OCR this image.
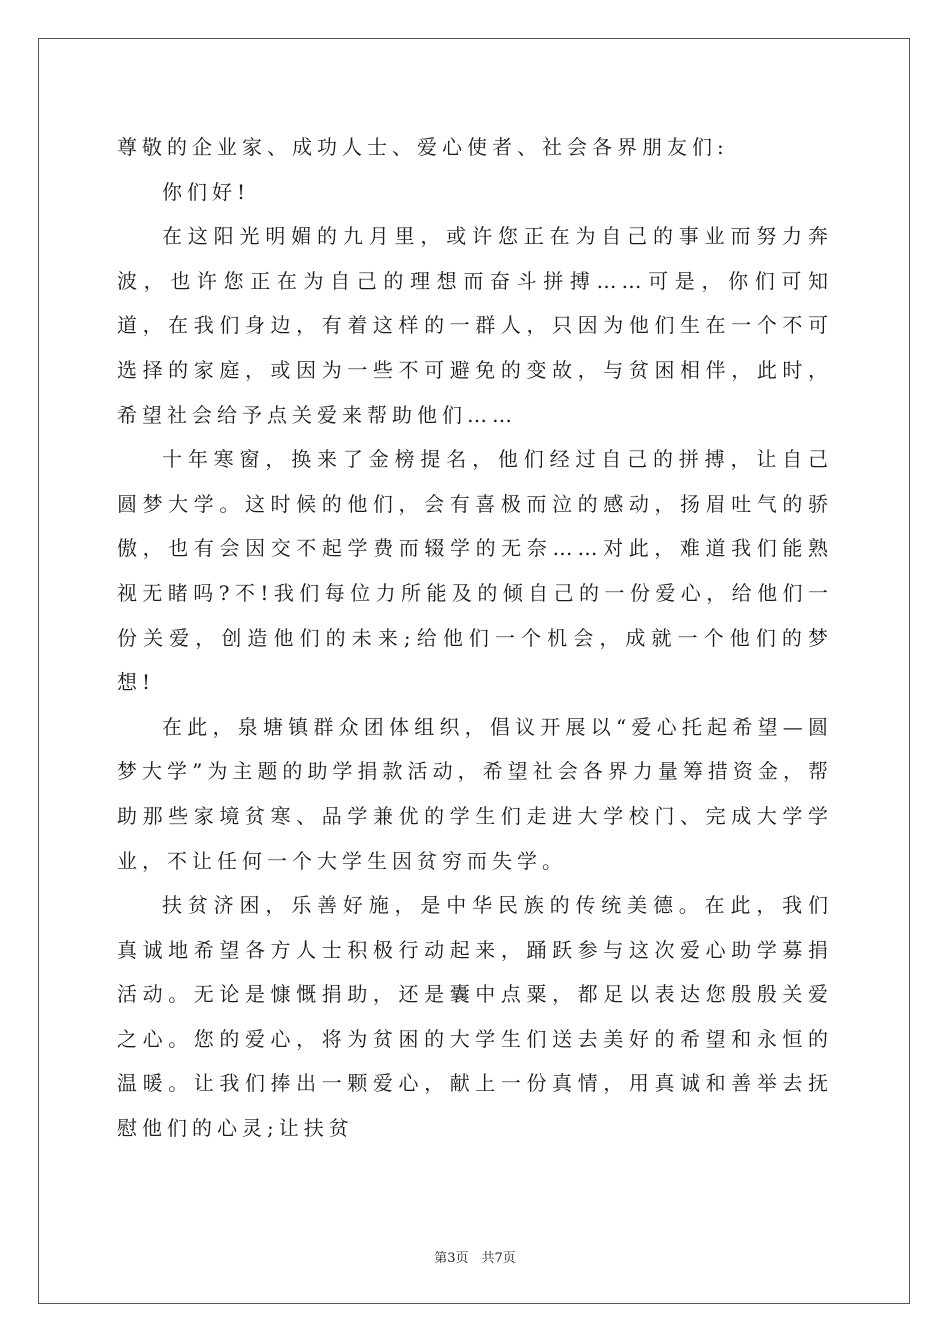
尊敬的企业家、成功人士、爱心使者、社会各界朋友们:

你们好!

在这阳光明媚的九月里，或许您正在为自己的事业而努力奔波，也许您正在为自己的理想而奋斗拼搏……可是，你们可知道，在我们身边，有着这样的一群人，只因为他们生在一个不可选择的家庭，或因为一些不可避免的变故，与贫困相伴，此时，希望社会给予点关爱来帮助他们……

十年寒窗，换来了金榜提名，他们经过自己的拼搏，让自己圆梦大学。这时候的他们，会有喜极而泣的感动，扬眉吐气的骄傲，也有会因交不起学费而辍学的无奈……对此，难道我们能熟视无睹吗?不!我们每位力所能及的倾自己的一份爱心，给他们一份关爱，创造他们的未来;给他们一个机会，成就一个他们的梦想!

在此，泉塘镇群众团体组织，倡议开展以“爱心托起希望—圆梦大学”为主题的助学捐款活动，希望社会各界力量筹措资金，帮助那些家境贫寒、品学兼优的学生们走进大学校门、完成大学学业，不让任何一个大学生因贫穷而失学。

扶贫济困，乐善好施，是中华民族的传统美德。在此，我们真诚地希望各方人士积极行动起来，踊跃参与这次爱心助学募捐活动。无论是慷慨捐助，还是囊中点粟，都足以表达您殷殷关爱之心。您的爱心，将为贫困的大学生们送去美好的希望和永恒的温暖。让我们捧出一颗爱心，献上一份真情，用真诚和善举去抚慰他们的心灵;让扶贫

第3页　共7页
